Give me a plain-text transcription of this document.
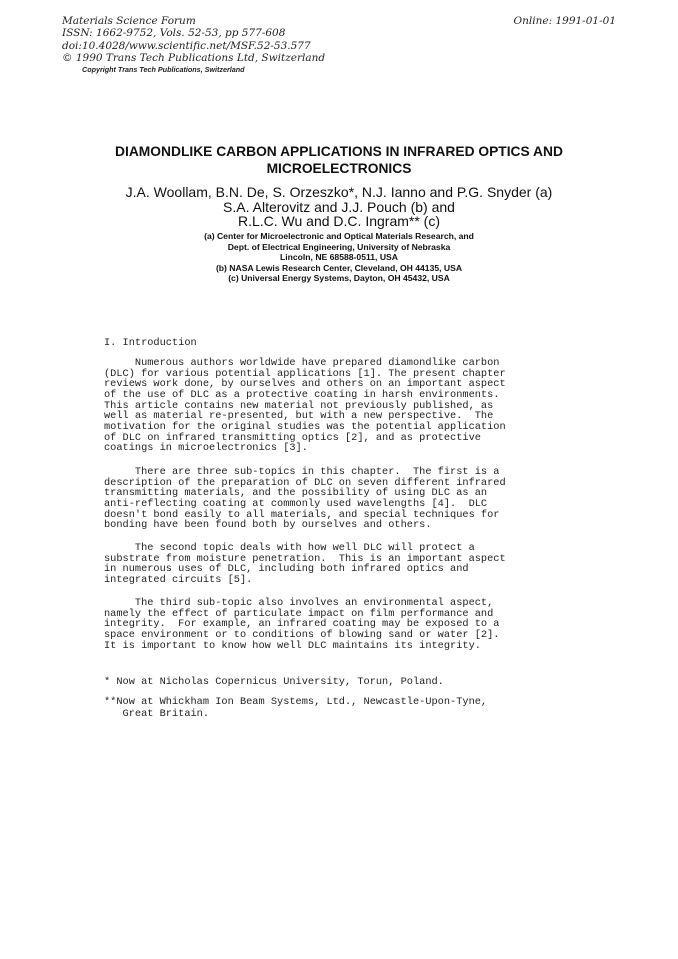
Materials Science Forum
ISSN: 1662-9752, Vols. 52-53, pp 577-608
doi:10.4028/www.scientific.net/MSF.52-53.577
© 1990 Trans Tech Publications Ltd, Switzerland
Copyright Trans Tech Publications, Switzerland
Online: 1991-01-01
DIAMONDLIKE CARBON APPLICATIONS IN INFRARED OPTICS AND
MICROELECTRONICS
J.A. Woollam, B.N. De, S. Orzeszko*, N.J. Ianno and P.G. Snyder (a)
S.A. Alterovitz and J.J. Pouch (b) and
R.L.C. Wu and D.C. Ingram** (c)
(a) Center for Microelectronic and Optical Materials Research, and
Dept. of Electrical Engineering, University of Nebraska
Lincoln, NE 68588-0511, USA
(b) NASA Lewis Research Center, Cleveland, OH 44135, USA
(c) Universal Energy Systems, Dayton, OH 45432, USA
I. Introduction
Numerous authors worldwide have prepared diamondlike carbon
(DLC) for various potential applications [1]. The present chapter
reviews work done, by ourselves and others on an important aspect
of the use of DLC as a protective coating in harsh environments.
This article contains new material not previously published, as
well as material re-presented, but with a new perspective.  The
motivation for the original studies was the potential application
of DLC on infrared transmitting optics [2], and as protective
coatings in microelectronics [3].
There are three sub-topics in this chapter.  The first is a
description of the preparation of DLC on seven different infrared
transmitting materials, and the possibility of using DLC as an
anti-reflecting coating at commonly used wavelengths [4].  DLC
doesn't bond easily to all materials, and special techniques for
bonding have been found both by ourselves and others.
The second topic deals with how well DLC will protect a
substrate from moisture penetration.  This is an important aspect
in numerous uses of DLC, including both infrared optics and
integrated circuits [5].
The third sub-topic also involves an environmental aspect,
namely the effect of particulate impact on film performance and
integrity.  For example, an infrared coating may be exposed to a
space environment or to conditions of blowing sand or water [2].
It is important to know how well DLC maintains its integrity.
* Now at Nicholas Copernicus University, Torun, Poland.
**Now at Whickham Ion Beam Systems, Ltd., Newcastle-Upon-Tyne,
Great Britain.
